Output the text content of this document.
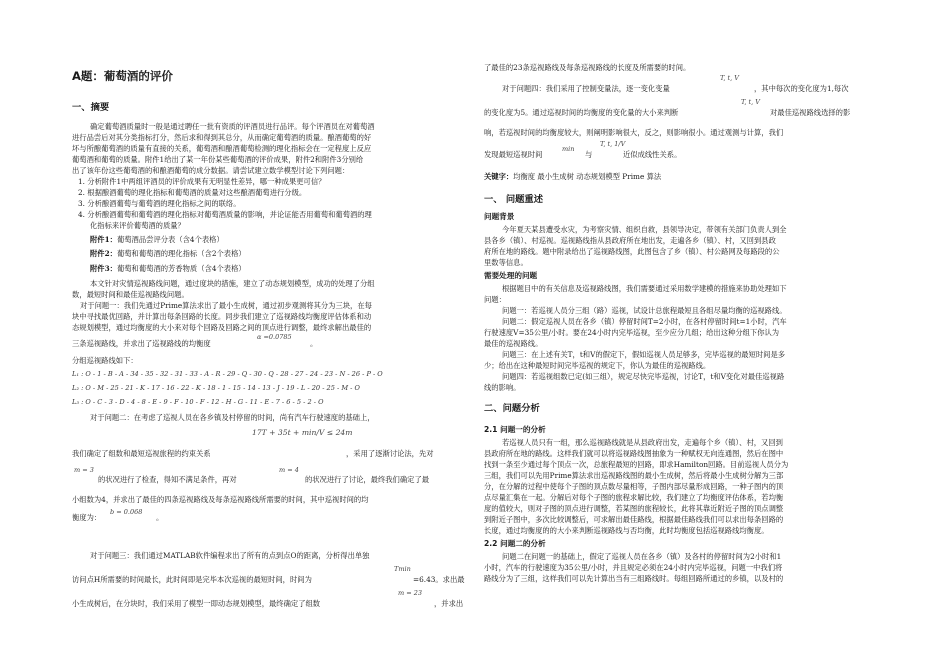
A题：葡萄酒的评价
一、摘要
确定葡萄酒质量时一般是通过聘任一批有资质的评酒员进行品评。每个评酒员在对葡萄酒
进行品尝后对其分类指标打分，然后求和得到其总分，从而确定葡萄酒的质量。酿酒葡萄的好
坏与所酿葡萄酒的质量有直接的关系，葡萄酒和酿酒葡萄检测的理化指标会在一定程度上反应
葡萄酒和葡萄的质量。附件1给出了某一年份某些葡萄酒的评价成果，附件2和附件3分别给
出了该年份这些葡萄酒的和酿酒葡萄的成分数据。请尝试建立数学模型讨论下列问题：
1. 分析附件1中两组评酒员的评价成果有无明显性差异，哪一种成果更可信？
2. 根据酿酒葡萄的理化指标和葡萄酒的质量对这些酿酒葡萄进行分级。
3. 分析酿酒葡萄与葡萄酒的理化指标之间的联络。
4. 分析酿酒葡萄和葡萄酒的理化指标对葡萄酒质量的影响，并论证能否用葡萄和葡萄酒的理
化指标来评价葡萄酒的质量？
附件1：葡萄酒品尝评分表（含4个表格）
附件2：葡萄和葡萄酒的理化指标（含2个表格）
附件3：葡萄和葡萄酒的芳香物质（含4个表格）
本文针对灾情巡视路线问题，通过度块的措施，建立了动态规划模型，成功的处理了分组
数，最短时间和最佳巡视路线问题。
对于问题一：我们先通过Prime算法求出了最小生成树，通过初步观测将其分为三块，在每
块中寻找最优回路，并计算出每条回路的长度。同步我们建立了巡视路线均衡度评估体系和动
态规划模型，通过均衡度的大小来对每个回路及回路之间的顶点进行调整，最终求解出最佳的
三条巡视路线，并求出了巡视路线的均衡度
α =0.0785
。
分组巡视路线如下：
L₁ : O - 1 - B - A - 34 - 35 - 32 - 31 - 33 - A - R - 29 - Q - 30 - Q - 28 - 27 - 24 - 23 - N - 26 - P - O
L₂ : O - M - 25 - 21 - K - 17 - 16 - 22 - K - 18 - 1 - 15 - 14 - 13 - J - 19 - L - 20 - 25 - M - O
L₃ : O - C - 3 - D - 4 - 8 - E - 9 - F - 10 - F - 12 - H - G - 11 - E - 7 - 6 - 5 - 2 - O
对于问题二：在考虑了巡视人员在各乡镇及村停留的时间，尚有汽车行驶速度的基础上，
17T + 35t + min/V ≤ 24m
我们确定了组数和最短巡视旅程的约束关系	，采用了逐渐讨论法，先对
m = 3
的状况进行了检查，得知不满足条件，再对
m = 4
的状况进行了讨论，最终我们确定了最
小组数为4，并求出了最佳的四条巡视路线及每条巡视路线所需要的时间，其中巡视时间的均
衡度为：
b = 0.068
。
对于问题三：我们通过MATLAB软件编程求出了所有的点到点O的距离，分析得出单独
访问点H所需要的时间最长，此时间即是完毕本次巡视的最短时间，时间为
Tmin
=6.43。求出最
小生成树后，在分块时，我们采用了模型一即动态规划模型，最终确定了组数
m = 23
，并求出
了最佳的23条巡视路线及每条巡视路线的长度及所需要的时间。
对于问题四：我们采用了控制变量法，逐一变化变量
T, t, V
，其中每次的变化度为1,每次
的变化度为5。通过巡视时间的均衡度的变化量的大小来判断
T, t, V
对最佳巡视路线选择的影
响，若巡视时间的均衡度较大，则阐明影响很大，反之，则影响很小。通过观测与计算，我们
发现最短巡视时间
min
与
T, t, 1/V
近似成线性关系。
关键字：均衡度 最小生成树 动态规划模型 Prime 算法
一、 问题重述
问题背景
今年夏天某县遭受水灾，为考察灾情、组织自救，县领导决定，带领有关部门负责人到全
县各乡（镇）、村巡视。巡视路线指从县政府所在地出发，走遍各乡（镇）、村，又回到县政
府所在地的路线。题中附录给出了巡视路线图，此图包含了乡（镇）、村公路网及每路段的公
里数等信息。
需要处理的问题
根据题目中的有关信息及巡视路线图，我们需要通过采用数学建模的措施来协助处理如下
问题：
问题一：若巡视人员分三组（路）巡视，试设计总旅程最短且各组尽量均衡的巡视路线。
问题二：假定巡视人员在各乡（镇）停留时间T=2小时，在各村停留时间t=1小时，汽车
行驶速度V=35公里/小时。要在24小时内完毕巡视，至少应分几组；给出这种分组下你认为
最佳的巡视路线。
问题三：在上述有关T，t和V的假定下，假如巡视人员足够多，完毕巡视的最短时间是多
少；给出在这种最短时间完毕巡视的规定下，你认为最佳的巡视路线。
问题四：若巡视组数已定(如三组），规定尽快完毕巡视，讨论T，t和V变化对最佳巡视路
线的影响。
二、问题分析
2.1 问题一的分析
若巡视人员只有一组，那么巡视路线就是从县政府出发，走遍每个乡（镇）、村，又回到
县政府所在地的路线。这样我们就可以将巡视路线图抽象为一种赋权无向连通图，然后在图中
找到一条至少通过每个顶点一次，总旅程最短的回路，即求Hamilton回路。目前巡视人员分为
三组，我们可以先用Prime算法求出巡视路线图的最小生成树，然后将最小生成树分解为三部
分，在分解的过程中使每个子图的顶点数尽量相等，子图内部尽量形成回路，一种子图内的顶
点尽量汇集在一起。分解后对每个子图的旅程求解比较，我们建立了均衡度评估体系，若均衡
度的值较大，则对子图的顶点进行调整，若某图的旅程较长，此将其靠近附近子图的顶点调整
到附近子图中，多次比较调整后，可求解出最佳路线，根据最佳路线我们可以求出每条回路的
长度，通过均衡度的的大小来判断巡视路线与否均衡，此时均衡度包括巡视路线均衡度。
2.2 问题二的分析
问题二在问题一的基础上，假定了巡视人员在各乡（镇）及各村的停留时间为2小时和1
小时，汽车的行驶速度为35公里/小时，并且规定必须在24小时内完毕巡视，问题一中我们将
路线分为了三组，这样我们可以先计算出当有三组路线时。每组回路所通过的乡镇，以及村的
